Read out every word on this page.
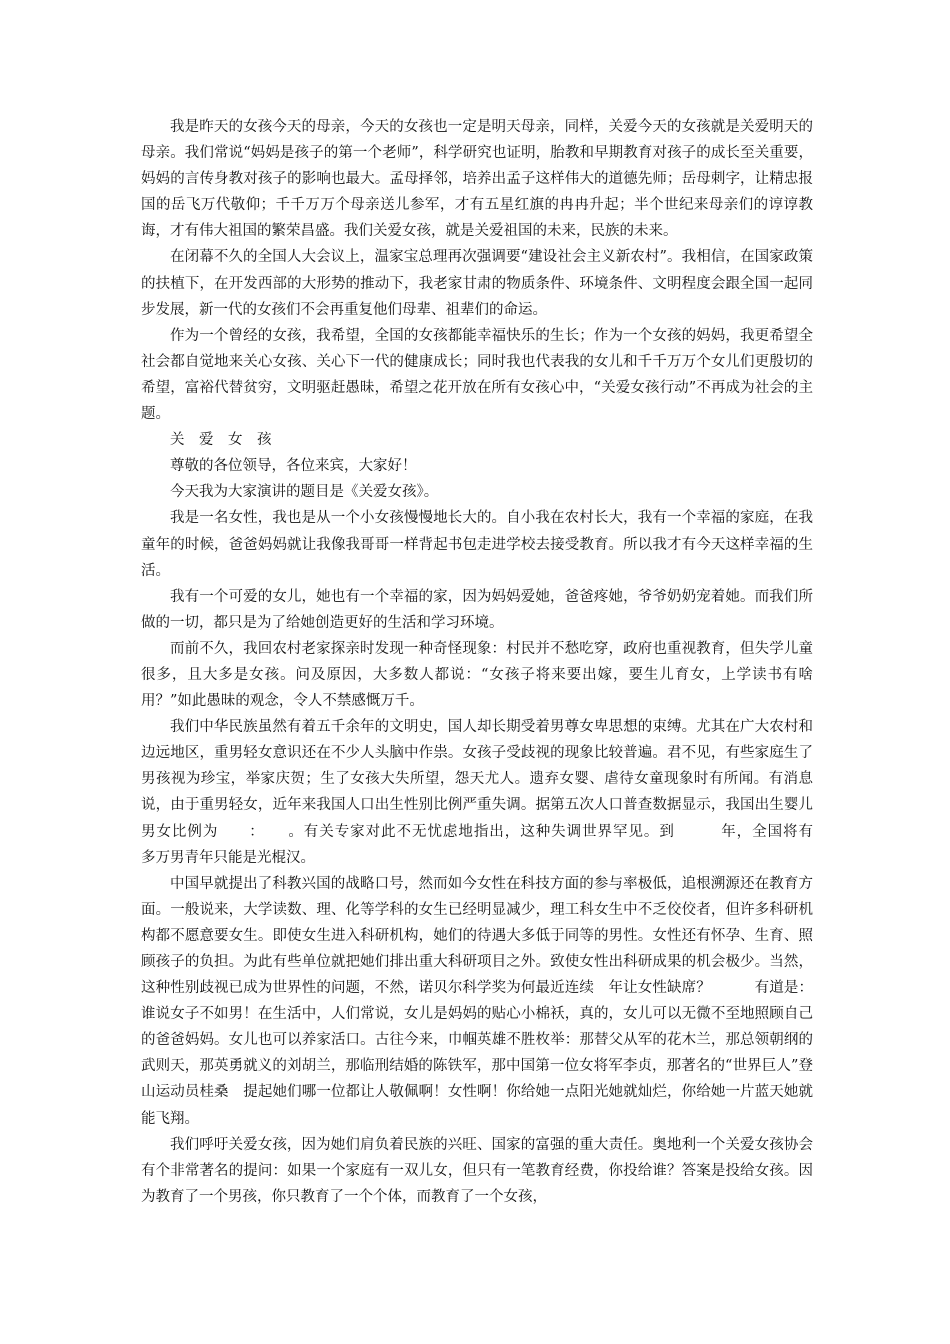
我是昨天的女孩今天的母亲，今天的女孩也一定是明天母亲，同样，关爱今天的女孩就是关爱明天的母亲。我们常说“妈妈是孩子的第一个老师”，科学研究也证明，胎教和早期教育对孩子的成长至关重要，妈妈的言传身教对孩子的影响也最大。孟母择邻，培养出孟子这样伟大的道德先师；岳母刺字，让精忠报国的岳飞万代敬仰；千千万万个母亲送儿参军，才有五星红旗的冉冉升起；半个世纪来母亲们的谆谆教诲，才有伟大祖国的繁荣昌盛。我们关爱女孩，就是关爱祖国的未来，民族的未来。

在闭幕不久的全国人大会议上，温家宝总理再次强调要“建设社会主义新农村”。我相信，在国家政策的扶植下，在开发西部的大形势的推动下，我老家甘肃的物质条件、环境条件、文明程度会跟全国一起同步发展，新一代的女孩们不会再重复他们母辈、祖辈们的命运。

作为一个曾经的女孩，我希望，全国的女孩都能幸福快乐的生长；作为一个女孩的妈妈，我更希望全社会都自觉地来关心女孩、关心下一代的健康成长；同时我也代表我的女儿和千千万万个女儿们更殷切的希望，富裕代替贫穷，文明驱赶愚昧，希望之花开放在所有女孩心中，“关爱女孩行动”不再成为社会的主题。

关　爱　女　孩

尊敬的各位领导，各位来宾，大家好！

今天我为大家演讲的题目是《关爱女孩》。

我是一名女性，我也是从一个小女孩慢慢地长大的。自小我在农村长大，我有一个幸福的家庭，在我童年的时候，爸爸妈妈就让我像我哥哥一样背起书包走进学校去接受教育。所以我才有今天这样幸福的生活。

我有一个可爱的女儿，她也有一个幸福的家，因为妈妈爱她，爸爸疼她，爷爷奶奶宠着她。而我们所做的一切，都只是为了给她创造更好的生活和学习环境。

而前不久，我回农村老家探亲时发现一种奇怪现象：村民并不愁吃穿，政府也重视教育，但失学儿童很多，且大多是女孩。问及原因，大多数人都说：“女孩子将来要出嫁，要生儿育女，上学读书有啥用？”如此愚昧的观念，令人不禁感慨万千。

我们中华民族虽然有着五千余年的文明史，国人却长期受着男尊女卑思想的束缚。尤其在广大农村和边远地区，重男轻女意识还在不少人头脑中作祟。女孩子受歧视的现象比较普遍。君不见，有些家庭生了男孩视为珍宝，举家庆贺；生了女孩大失所望，怨天尤人。遗弃女婴、虐待女童现象时有所闻。有消息说，由于重男轻女，近年来我国人口出生性别比例严重失调。据第五次人口普查数据显示，我国出生婴儿男女比例为　　：　　。有关专家对此不无忧虑地指出，这种失调世界罕见。到　　　年，全国将有　　　多万男青年只能是光棍汉。

中国早就提出了科教兴国的战略口号，然而如今女性在科技方面的参与率极低，追根溯源还在教育方面。一般说来，大学读数、理、化等学科的女生已经明显减少，理工科女生中不乏佼佼者，但许多科研机构都不愿意要女生。即使女生进入科研机构，她们的待遇大多低于同等的男性。女性还有怀孕、生育、照顾孩子的负担。为此有些单位就把她们排出重大科研项目之外。致使女性出科研成果的机会极少。当然，这种性别歧视已成为世界性的问题，不然，诺贝尔科学奖为何最近连续　年让女性缺席？　　　有道是：谁说女子不如男！在生活中，人们常说，女儿是妈妈的贴心小棉袄，真的，女儿可以无微不至地照顾自己的爸爸妈妈。女儿也可以养家活口。古往今来，巾帼英雄不胜枚举：那替父从军的花木兰，那总领朝纲的武则天，那英勇就义的刘胡兰，那临刑结婚的陈铁军，那中国第一位女将军李贞，那著名的“世界巨人”登山运动员桂桑　提起她们哪一位都让人敬佩啊！女性啊！你给她一点阳光她就灿烂，你给她一片蓝天她就能飞翔。

我们呼吁关爱女孩，因为她们肩负着民族的兴旺、国家的富强的重大责任。奥地利一个关爱女孩协会有个非常著名的提问：如果一个家庭有一双儿女，但只有一笔教育经费，你投给谁？答案是投给女孩。因为教育了一个男孩，你只教育了一个个体，而教育了一个女孩，
